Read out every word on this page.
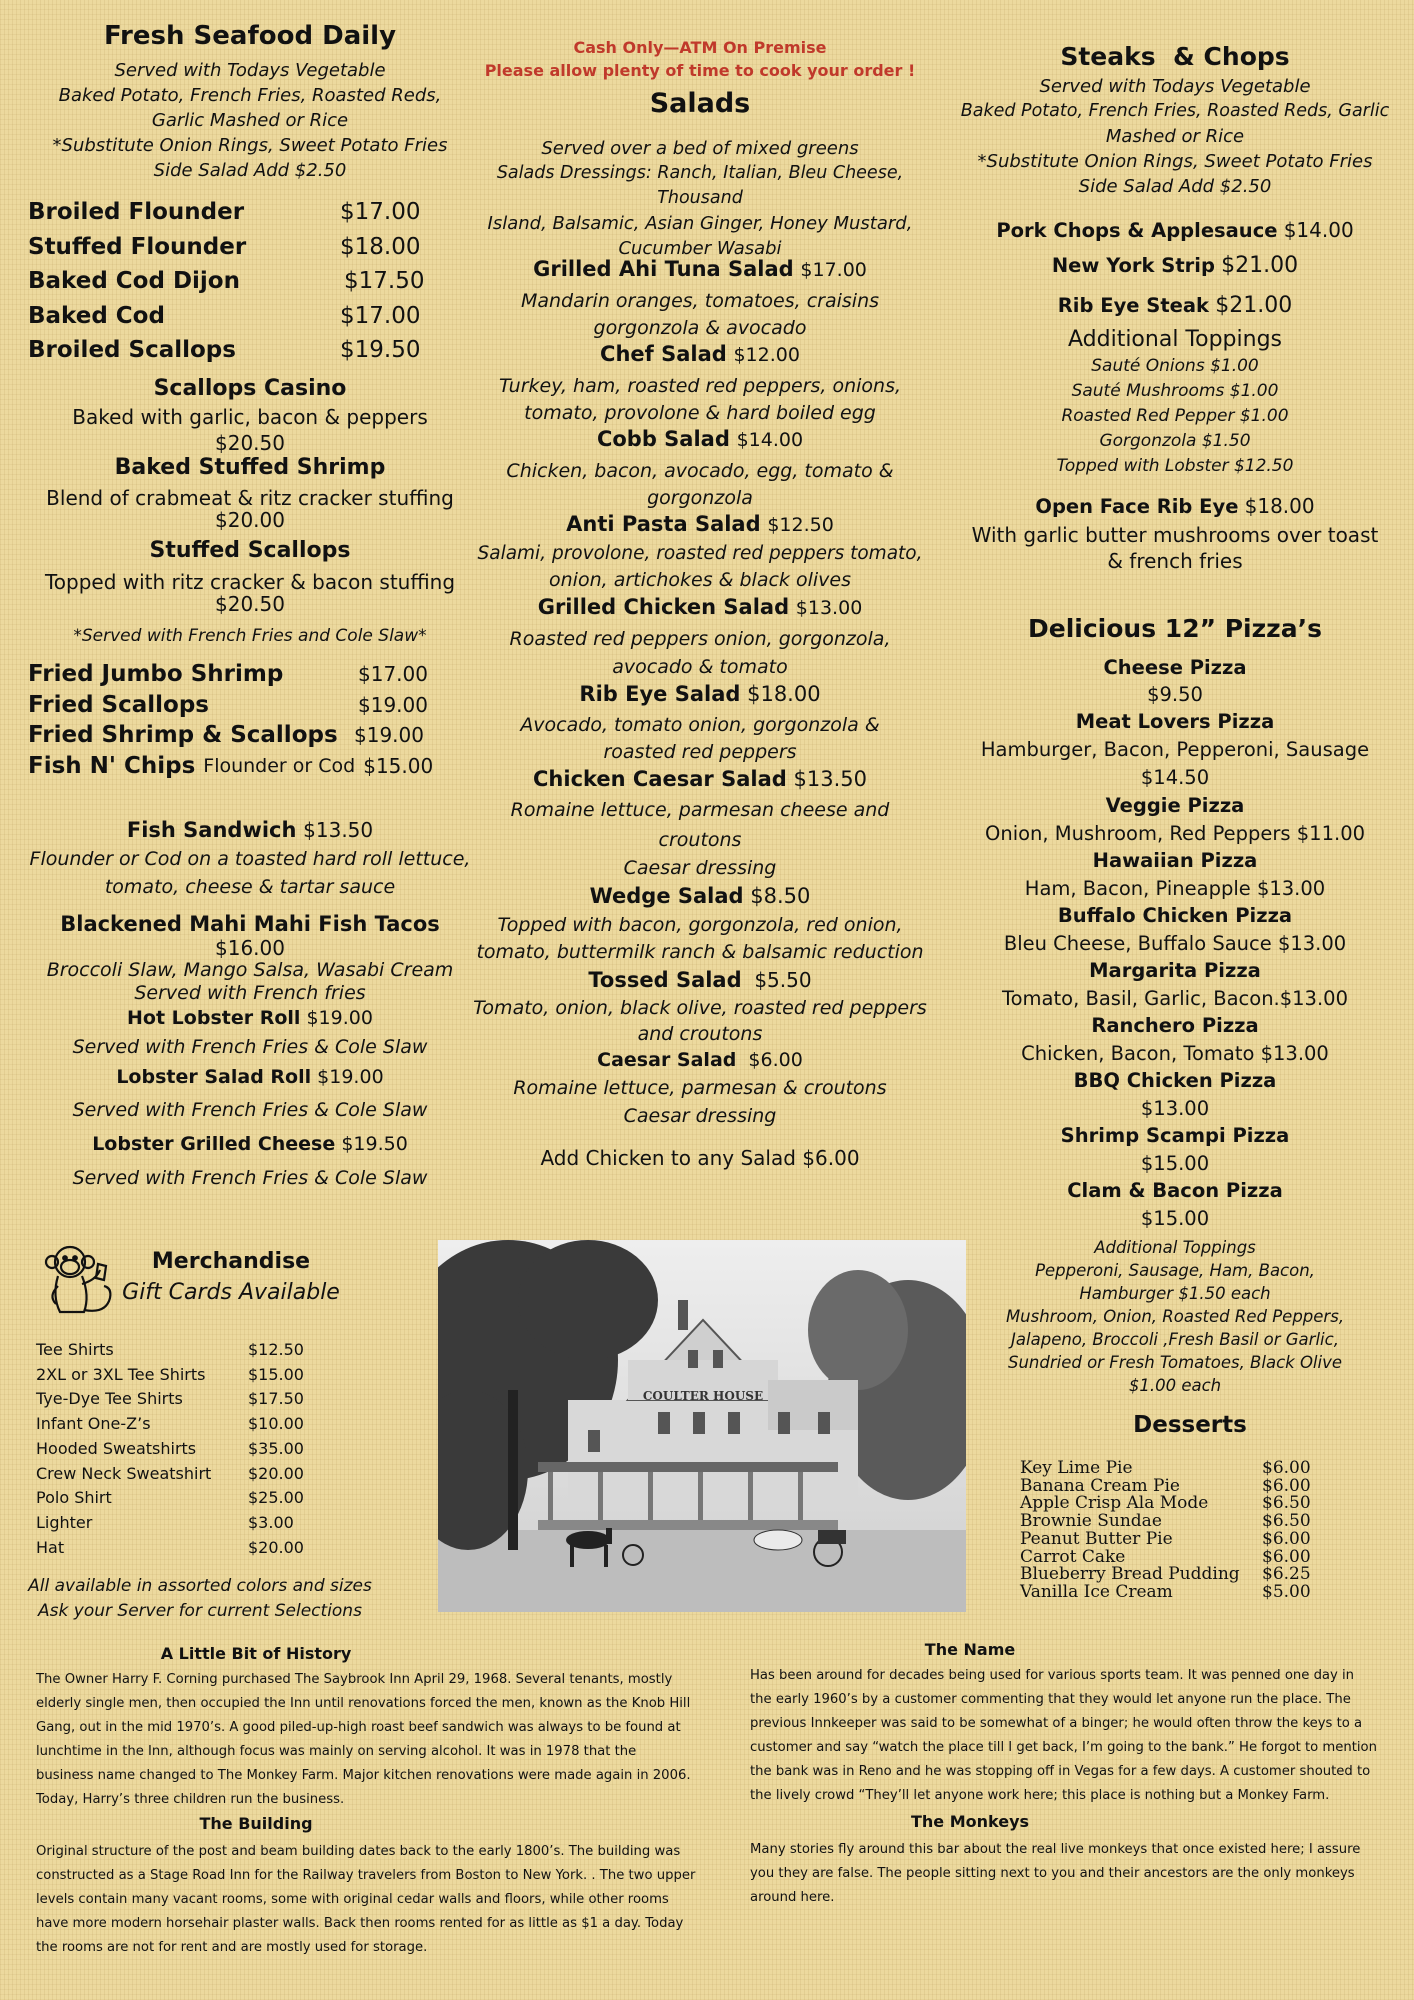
Fresh Seafood Daily

Served with Todays Vegetable

Baked Potato, French Fries, Roasted Reds,

Garlic Mashed or Rice

*Substitute Onion Rings, Sweet Potato Fries

Side Salad Add $2.50

Broiled Flounder	$17.00
Stuffed Flounder	$18.00
Baked Cod Dijon	$17.50
Baked Cod	$17.00
Broiled Scallops	$19.50

Scallops Casino

Baked with garlic, bacon & peppers

$20.50

Baked Stuffed Shrimp

Blend of crabmeat & ritz cracker stuffing

$20.00

Stuffed Scallops

Topped with ritz cracker & bacon stuffing

$20.50

*Served with French Fries and Cole Slaw*

Fried Jumbo Shrimp	$17.00
Fried Scallops	$19.00
Fried Shrimp & Scallops $19.00
Fish N' Chips Flounder or Cod $15.00

Fish Sandwich $13.50

Flounder or Cod on a toasted hard roll lettuce,

tomato, cheese & tartar sauce

Blackened Mahi Mahi Fish Tacos

$16.00

Broccoli Slaw, Mango Salsa, Wasabi Cream

Served with French fries

Hot Lobster Roll $19.00

Served with French Fries & Cole Slaw

Lobster Salad Roll $19.00

Served with French Fries & Cole Slaw

Lobster Grilled Cheese $19.50

Served with French Fries & Cole Slaw

Merchandise

Gift Cards Available

Tee Shirts	$12.50
2XL or 3XL Tee Shirts	$15.00
Tye-Dye Tee Shirts	$17.50
Infant One-Z’s	$10.00
Hooded Sweatshirts	$35.00
Crew Neck Sweatshirt	$20.00
Polo Shirt	$25.00
Lighter	$3.00
Hat	$20.00

All available in assorted colors and sizes

Ask your Server for current Selections

Cash Only—ATM On Premise

Please allow plenty of time to cook your order !

Salads

Served over a bed of mixed greens

Salads Dressings: Ranch, Italian, Bleu Cheese, Thousand

Island, Balsamic, Asian Ginger, Honey Mustard,

Cucumber Wasabi

Grilled Ahi Tuna Salad $17.00

Mandarin oranges, tomatoes, craisins

gorgonzola & avocado

Chef Salad $12.00

Turkey, ham, roasted red peppers, onions,

tomato, provolone & hard boiled egg

Cobb Salad $14.00

Chicken, bacon, avocado, egg, tomato &

gorgonzola

Anti Pasta Salad $12.50

Salami, provolone, roasted red peppers tomato,

onion, artichokes & black olives

Grilled Chicken Salad $13.00

Roasted red peppers onion, gorgonzola,

avocado & tomato

Rib Eye Salad $18.00

Avocado, tomato onion, gorgonzola &

roasted red peppers

Chicken Caesar Salad $13.50

Romaine lettuce, parmesan cheese and croutons

Caesar dressing

Wedge Salad $8.50

Topped with bacon, gorgonzola, red onion,

tomato, buttermilk ranch & balsamic reduction

Tossed Salad $5.50

Tomato, onion, black olive, roasted red peppers

and croutons

Caesar Salad $6.00

Romaine lettuce, parmesan & croutons

Caesar dressing

Add Chicken to any Salad $6.00

COULTER HOUSE

Steaks  & Chops

Served with Todays Vegetable

Baked Potato, French Fries, Roasted Reds, Garlic

Mashed or Rice

*Substitute Onion Rings, Sweet Potato Fries

Side Salad Add $2.50

Pork Chops & Applesauce $14.00

New York Strip $21.00

Rib Eye Steak $21.00

Additional Toppings

Sauté Onions $1.00

Sauté Mushrooms $1.00

Roasted Red Pepper $1.00

Gorgonzola $1.50

Topped with Lobster $12.50

Open Face Rib Eye $18.00

With garlic butter mushrooms over toast

& french fries

Delicious 12” Pizza’s

Cheese Pizza

$9.50

Meat Lovers Pizza

Hamburger, Bacon, Pepperoni, Sausage

$14.50

Veggie Pizza

Onion, Mushroom, Red Peppers $11.00

Hawaiian Pizza

Ham, Bacon, Pineapple $13.00

Buffalo Chicken Pizza

Bleu Cheese, Buffalo Sauce $13.00

Margarita Pizza

Tomato, Basil, Garlic, Bacon.$13.00

Ranchero Pizza

Chicken, Bacon, Tomato $13.00

BBQ Chicken Pizza

$13.00

Shrimp Scampi Pizza

$15.00

Clam & Bacon Pizza

$15.00

Additional Toppings

Pepperoni, Sausage, Ham, Bacon,

Hamburger $1.50 each

Mushroom, Onion, Roasted Red Peppers,

Jalapeno, Broccoli ,Fresh Basil or Garlic,

Sundried or Fresh Tomatoes, Black Olive

$1.00 each

Desserts

Key Lime Pie	$6.00
Banana Cream Pie	$6.00
Apple Crisp Ala Mode	$6.50
Brownie Sundae	$6.50
Peanut Butter Pie	$6.00
Carrot Cake	$6.00
Blueberry Bread Pudding	$6.25
Vanilla Ice Cream	$5.00

A Little Bit of History

The Owner Harry F. Corning purchased The Saybrook Inn April 29, 1968. Several tenants, mostly elderly single men, then occupied the Inn until renovations forced the men, known as the Knob Hill Gang, out in the mid 1970’s. A good piled-up-high roast beef sandwich was always to be found at lunchtime in the Inn, although focus was mainly on serving alcohol. It was in 1978 that the business name changed to The Monkey Farm. Major kitchen renovations were made again in 2006. Today, Harry’s three children run the business.

The Building

Original structure of the post and beam building dates back to the early 1800’s. The building was constructed as a Stage Road Inn for the Railway travelers from Boston to New York. . The two upper levels contain many vacant rooms, some with original cedar walls and floors, while other rooms have more modern horsehair plaster walls. Back then rooms rented for as little as $1 a day. Today the rooms are not for rent and are mostly used for storage.

The Name

Has been around for decades being used for various sports team. It was penned one day in the early 1960’s by a customer commenting that they would let anyone run the place. The previous Innkeeper was said to be somewhat of a binger; he would often throw the keys to a customer and say “watch the place till I get back, I’m going to the bank.” He forgot to mention the bank was in Reno and he was stopping off in Vegas for a few days. A customer shouted to the lively crowd “They’ll let anyone work here; this place is nothing but a Monkey Farm.

The Monkeys

Many stories fly around this bar about the real live monkeys that once existed here; I assure you they are false. The people sitting next to you and their ancestors are the only monkeys around here.
